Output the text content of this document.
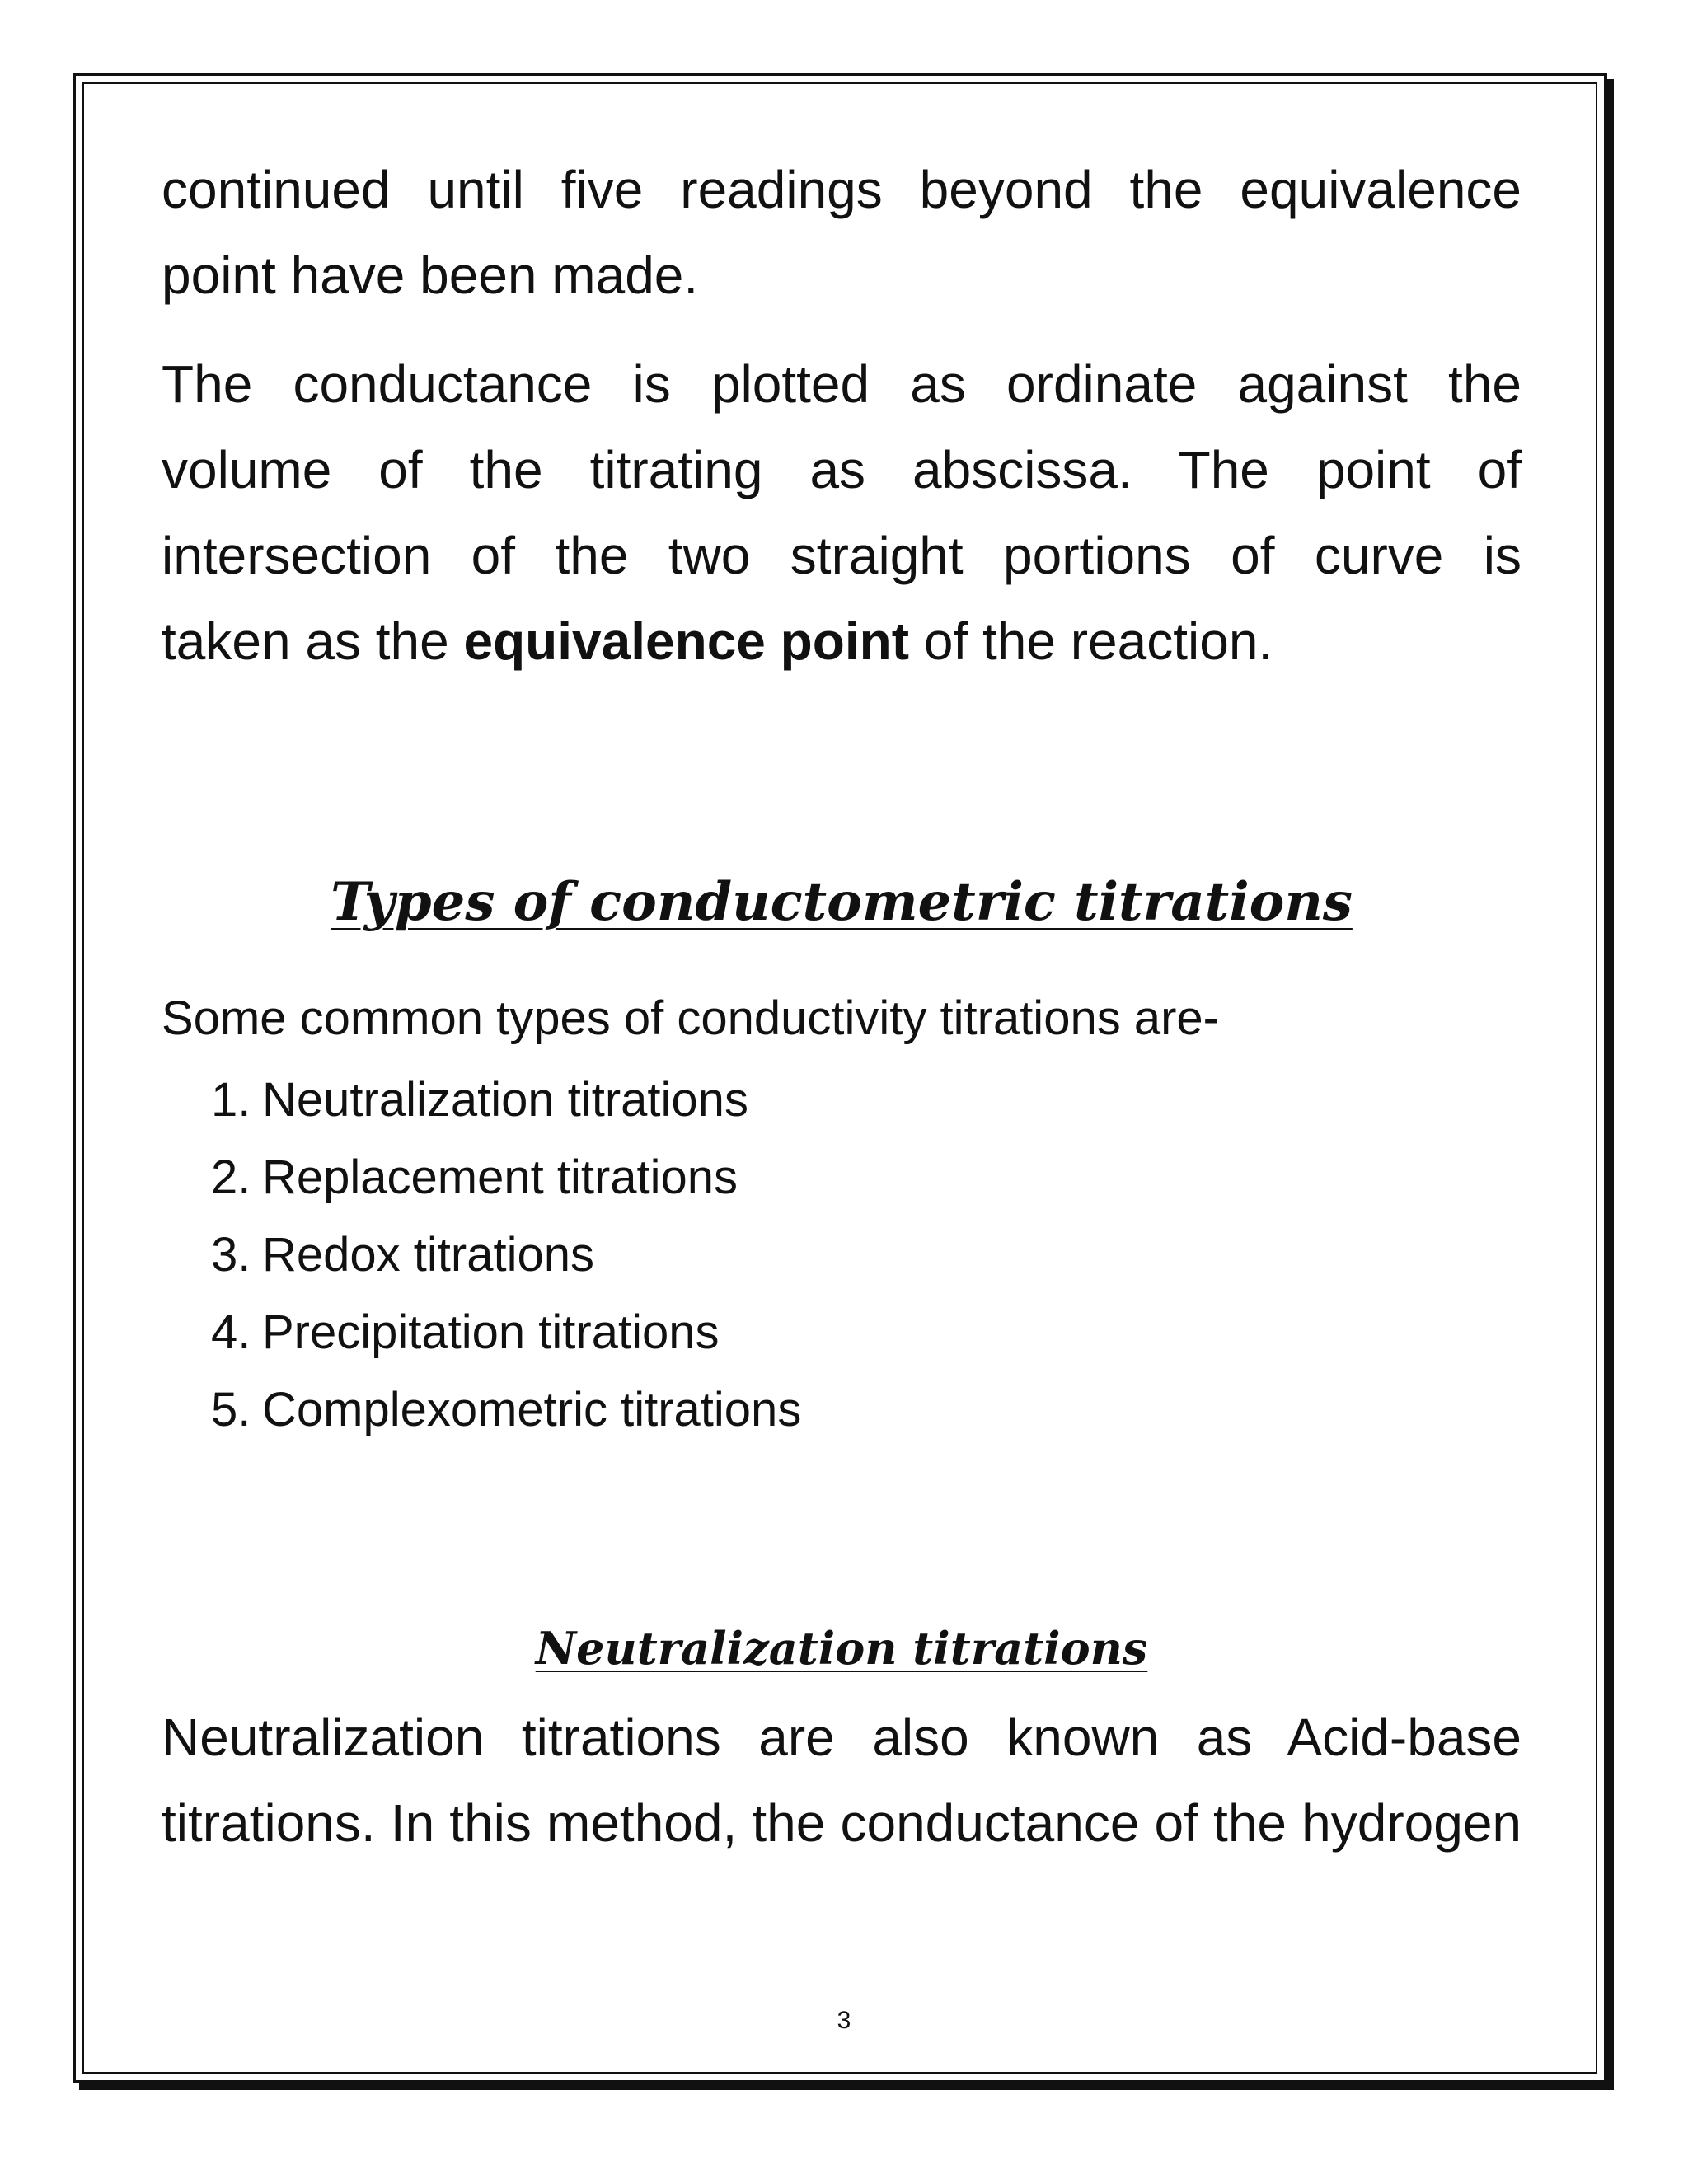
continued until five readings beyond the equivalence

point have been made.

The conductance is plotted as ordinate against the

volume of the titrating as abscissa. The point of

intersection of the two straight portions of curve is

taken as the equivalence point of the reaction.

Types of conductometric titrations

Some common types of conductivity titrations are-

1. Neutralization titrations
2. Replacement titrations
3. Redox titrations
4. Precipitation titrations
5. Complexometric titrations
Neutralization titrations

Neutralization titrations are also known as Acid-base

titrations. In this method, the conductance of the hydrogen

3
